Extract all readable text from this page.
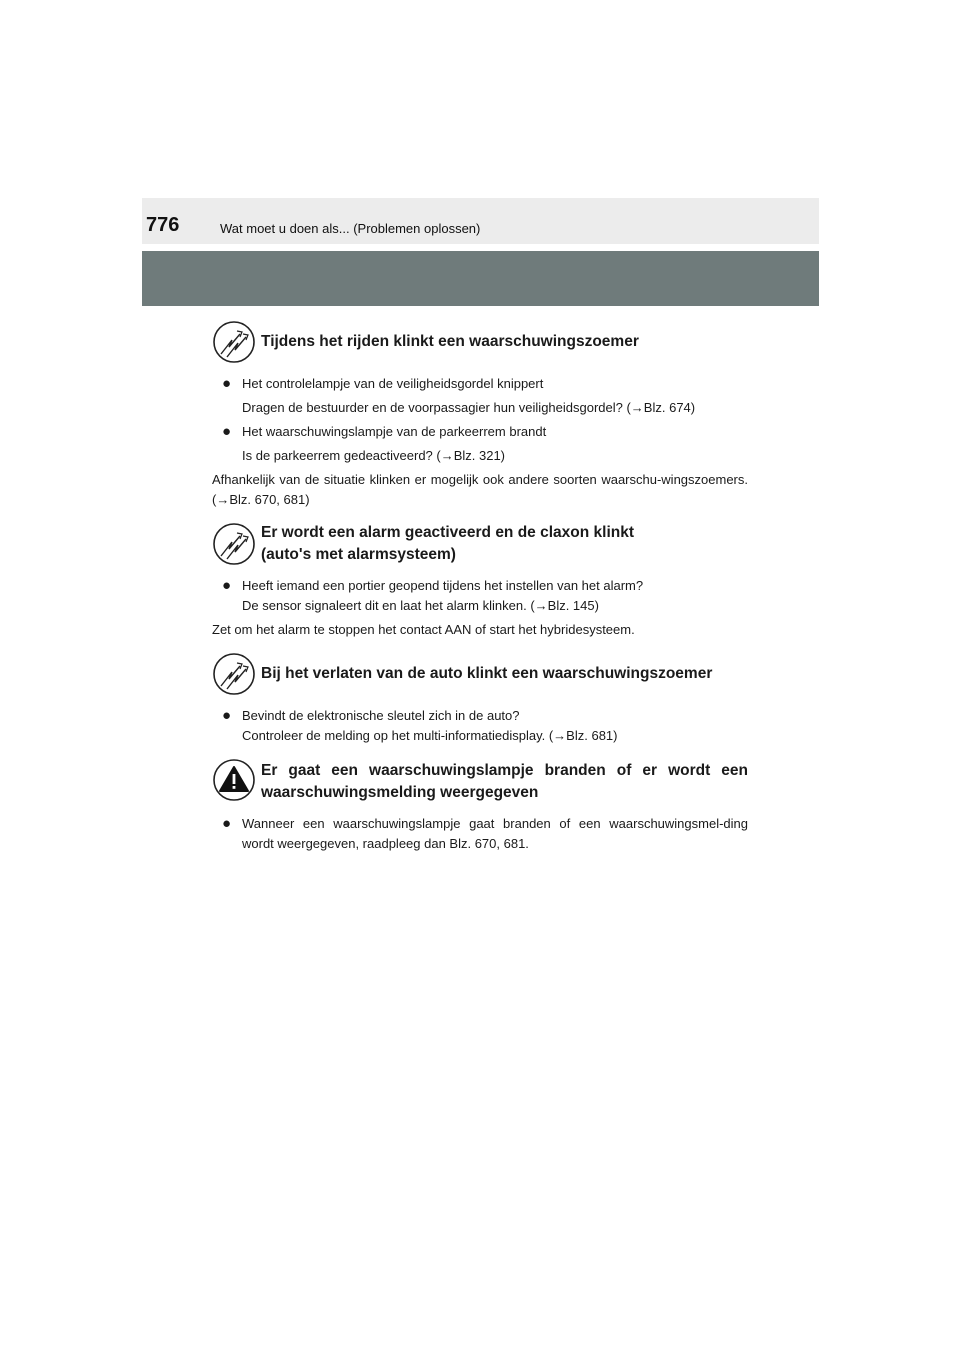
776	Wat moet u doen als... (Problemen oplossen)
Tijdens het rijden klinkt een waarschuwingszoemer
● Het controlelampje van de veiligheidsgordel knippert

Dragen de bestuurder en de voorpassagier hun veiligheidsgordel? (→Blz. 674)

● Het waarschuwingslampje van de parkeerrem brandt

Is de parkeerrem gedeactiveerd? (→Blz. 321)

Afhankelijk van de situatie klinken er mogelijk ook andere soorten waarschu-wingszoemers. (→Blz. 670, 681)
Er wordt een alarm geactiveerd en de claxon klinkt
(auto's met alarmsysteem)
● Heeft iemand een portier geopend tijdens het instellen van het alarm?

De sensor signaleert dit en laat het alarm klinken. (→Blz. 145)

Zet om het alarm te stoppen het contact AAN of start het hybridesysteem.
Bij het verlaten van de auto klinkt een waarschuwingszoemer
● Bevindt de elektronische sleutel zich in de auto?

Controleer de melding op het multi-informatiedisplay. (→Blz. 681)

Er gaat een waarschuwingslampje branden of er wordt een waarschuwingsmelding weergegeven
● Wanneer een waarschuwingslampje gaat branden of een waarschuwingsmel-ding wordt weergegeven, raadpleeg dan Blz. 670, 681.
